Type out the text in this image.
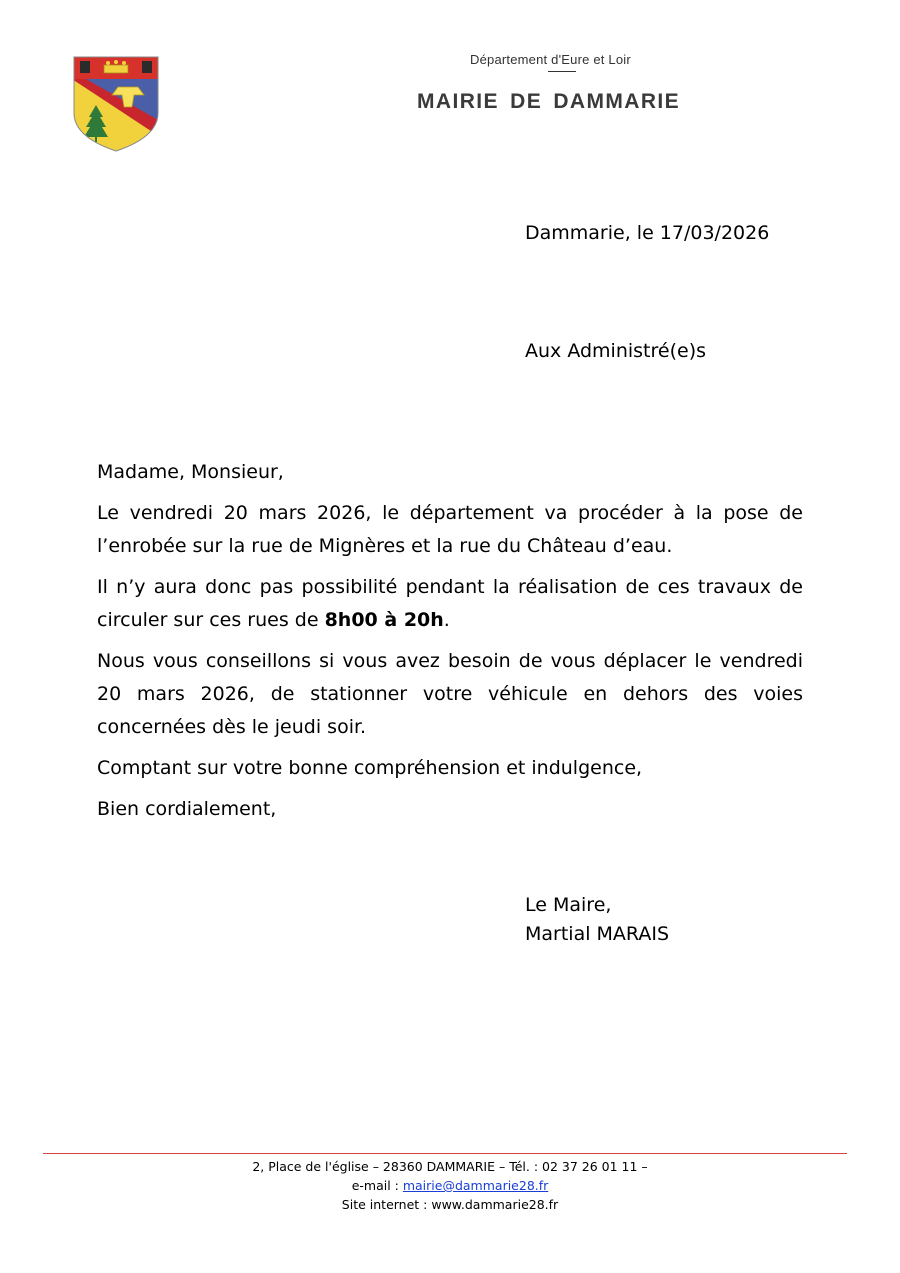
Département d'Eure et Loir
MAIRIE DE DAMMARIE
Dammarie, le 17/03/2026
Aux Administré(e)s

Madame, Monsieur,

Le vendredi 20 mars 2026, le département va procéder à la pose de l’enrobée sur la rue de Mignères et la rue du Château d’eau.

Il n’y aura donc pas possibilité pendant la réalisation de ces travaux de circuler sur ces rues de 8h00 à 20h.

Nous vous conseillons si vous avez besoin de vous déplacer le vendredi 20 mars 2026, de stationner votre véhicule en dehors des voies concernées dès le jeudi soir.

Comptant sur votre bonne compréhension et indulgence,

Bien cordialement,

Le Maire,
Martial MARAIS
2, Place de l'église – 28360 DAMMARIE – Tél. : 02 37 26 01 11 –
e-mail : mairie@dammarie28.fr
Site internet : www.dammarie28.fr
